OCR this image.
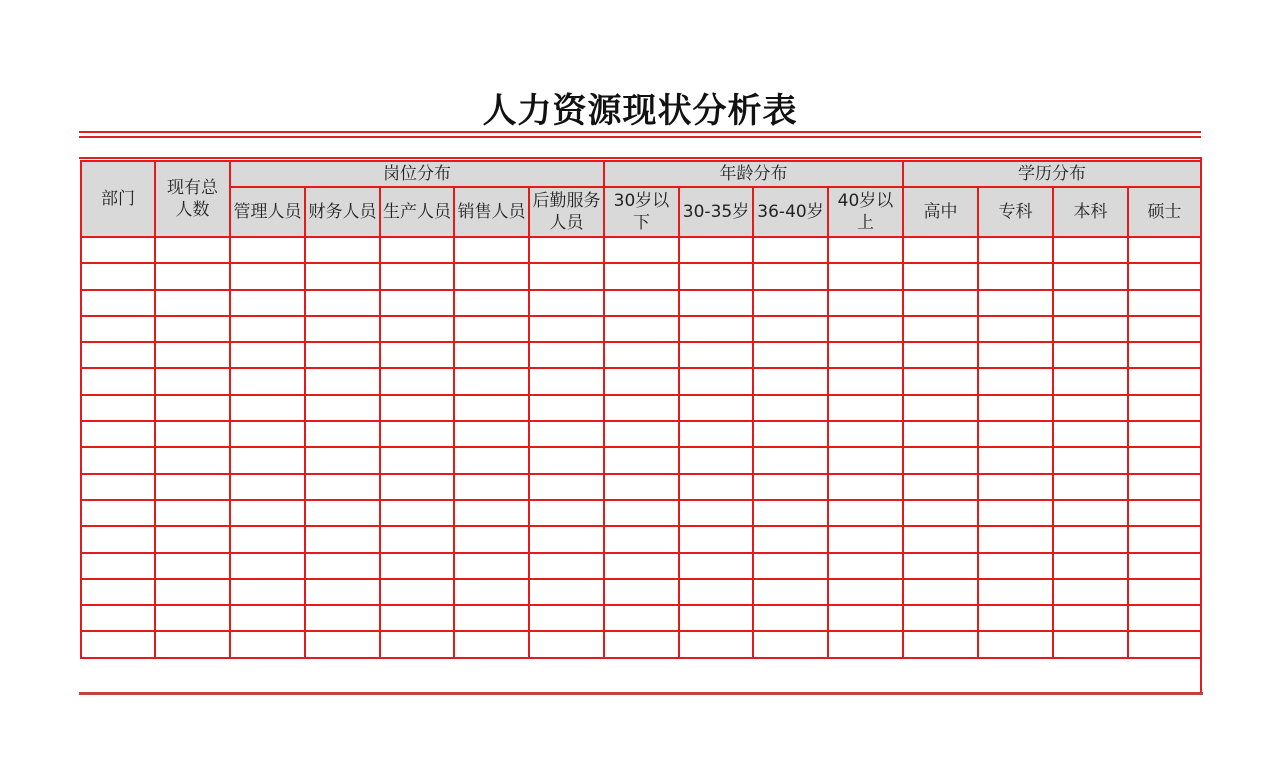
人力资源现状分析表
部门	现有总人数	岗位分布					年龄分布				学历分布			

		管理人员	财务人员	生产人员	销售人员	后勤服务人员	30岁以下	30-35岁	36-40岁	40岁以上	高中	专科	本科	硕士
